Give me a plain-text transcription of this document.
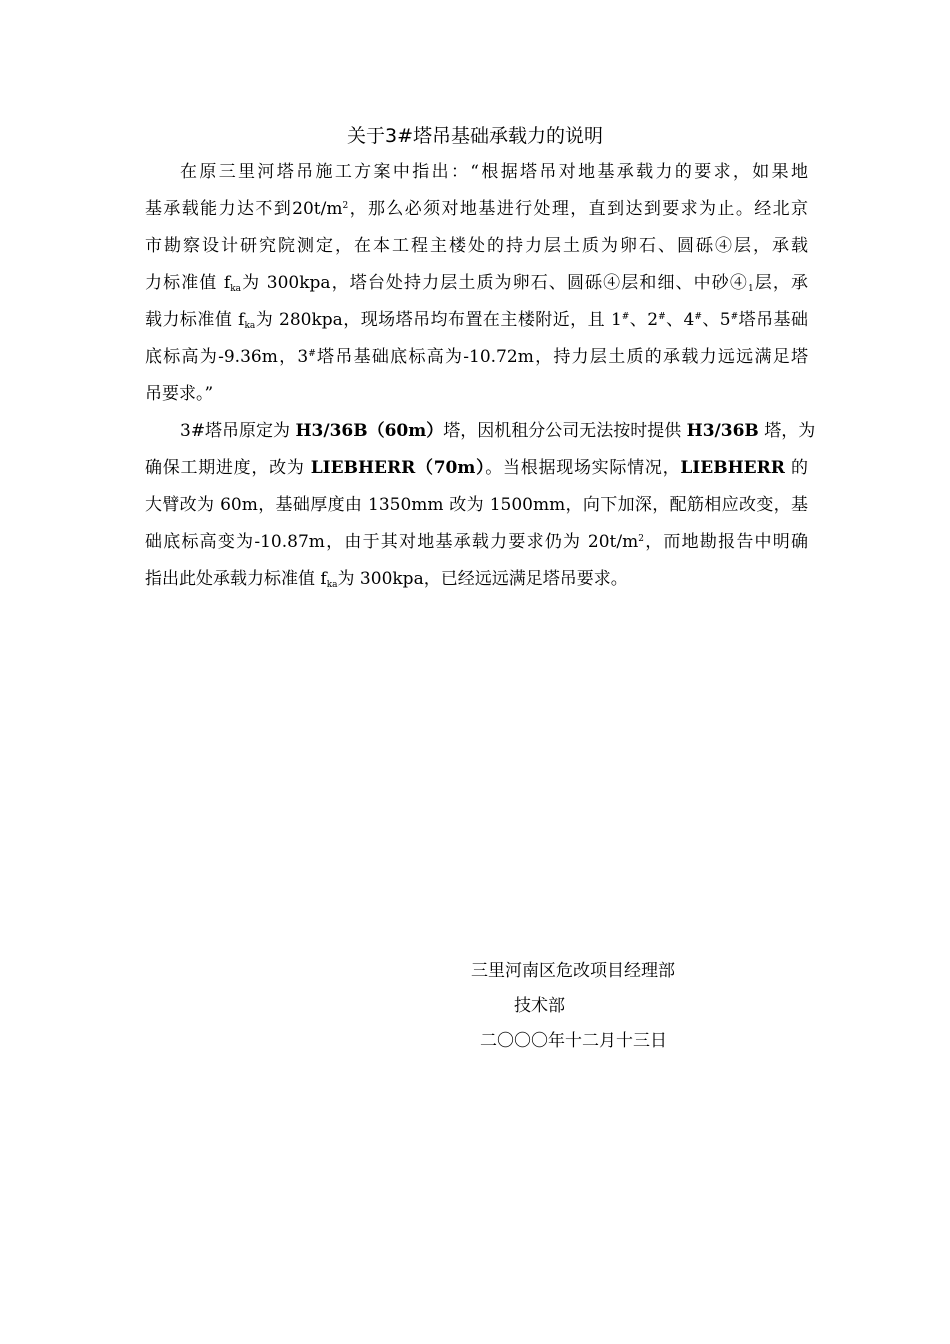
关于3#塔吊基础承载力的说明
在原三里河塔吊施工方案中指出：“根据塔吊对地基承载力的要求，如果地
基承载能力达不到$20t/m^2$，那么必须对地基进行处理，直到达到要求为止。经北京
市勘察设计研究院测定，在本工程主楼处的持力层土质为卵石、圆砾④层，承载
力标准值 $f_{ka}$为 300kpa，塔台处持力层土质为卵石、圆砾④层和细、中砂$④_1$层，承
载力标准值 $f_{ka}$为 280kpa，现场塔吊均布置在主楼附近，且 1#、2#、4#、5#塔吊基础
底标高为-9.36m，3#塔吊基础底标高为-10.72m，持力层土质的承载力远远满足塔
吊要求。”
3#塔吊原定为 H3/36B（60m）塔，因机租分公司无法按时提供 H3/36B 塔，为
确保工期进度，改为 LIEBHERR（70m）。当根据现场实际情况，LIEBHERR 的
大臂改为 60m，基础厚度由 1350mm 改为 1500mm，向下加深，配筋相应改变，基
础底标高变为-10.87m，由于其对地基承载力要求仍为 $20t/m^2$，而地勘报告中明确
指出此处承载力标准值 $f_{ka}$为 300kpa，已经远远满足塔吊要求。
三里河南区危改项目经理部
技术部
二〇〇〇年十二月十三日
